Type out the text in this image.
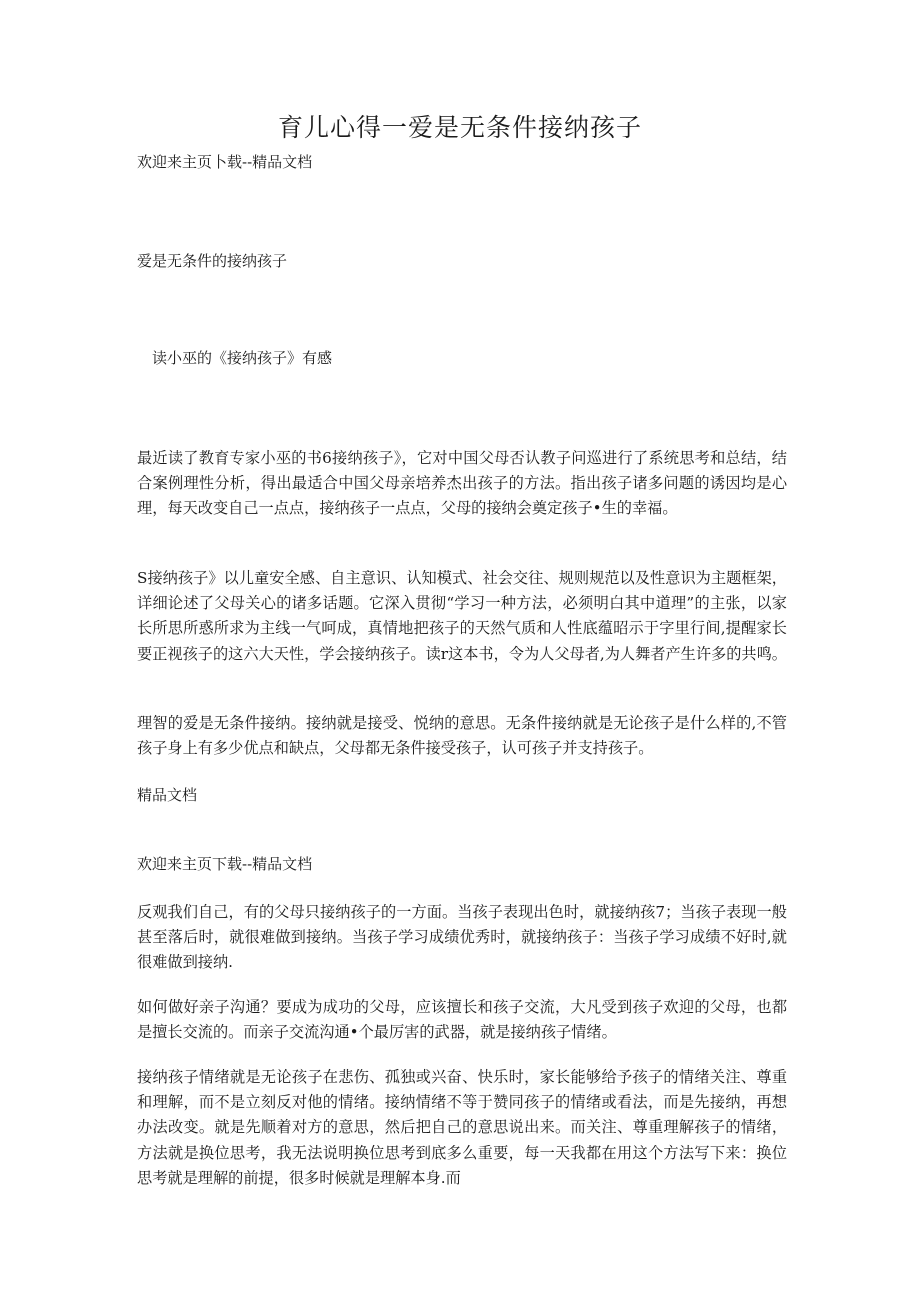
育儿心得一爱是无条件接纳孩子
欢迎来主页卜载--精品文档
爱是无条件的接纳孩子
读小巫的《接纳孩子》有感
最近读了教育专家小巫的书6接纳孩子》，它对中国父母否认教子问巡进行了系统思考和总结，结合案例理性分析，得出最适合中国父母亲培养杰出孩子的方法。指出孩子诸多问题的诱因均是心理，每天改变自己一点点，接纳孩子一点点，父母的接纳会奠定孩子•生的幸福。
S接纳孩子》以儿童安全感、自主意识、认知模式、社会交往、规则规范以及性意识为主题框架，详细论述了父母关心的诸多话题。它深入贯彻“学习一种方法，必须明白其中道理”的主张，以家长所思所惑所求为主线一气呵成，真情地把孩子的天然气质和人性底蕴昭示于字里行间,提醒家长要正视孩子的这六大天性，学会接纳孩子。读r这本书，令为人父母者,为人舞者产生许多的共鸣。
理智的爱是无条件接纳。接纳就是接受、悦纳的意思。无条件接纳就是无论孩子是什么样的,不管孩子身上有多少优点和缺点，父母都无条件接受孩子，认可孩子并支持孩子。
精品文档
欢迎来主页下载--精品文档
反观我们自己，有的父母只接纳孩子的一方面。当孩子表现出色时，就接纳孩7；当孩子表现一般甚至落后时，就很难做到接纳。当孩子学习成绩优秀时，就接纳孩子：当孩子学习成绩不好时,就很难做到接纳.
如何做好亲子沟通？要成为成功的父母，应该擅长和孩子交流，大凡受到孩子欢迎的父母，也都是擅长交流的。而亲子交流沟通•个最厉害的武器，就是接纳孩子情绪。
接纳孩子情绪就是无论孩子在悲伤、孤独或兴奋、快乐时，家长能够给予孩子的情绪关注、尊重和理解，而不是立刻反对他的情绪。接纳情绪不等于赞同孩子的情绪或看法，而是先接纳，再想办法改变。就是先顺着对方的意思，然后把自己的意思说出来。而关注、尊重理解孩子的情绪，方法就是换位思考，我无法说明换位思考到底多么重要，每一天我都在用这个方法写下来：换位思考就是理解的前提，很多时候就是理解本身.而
